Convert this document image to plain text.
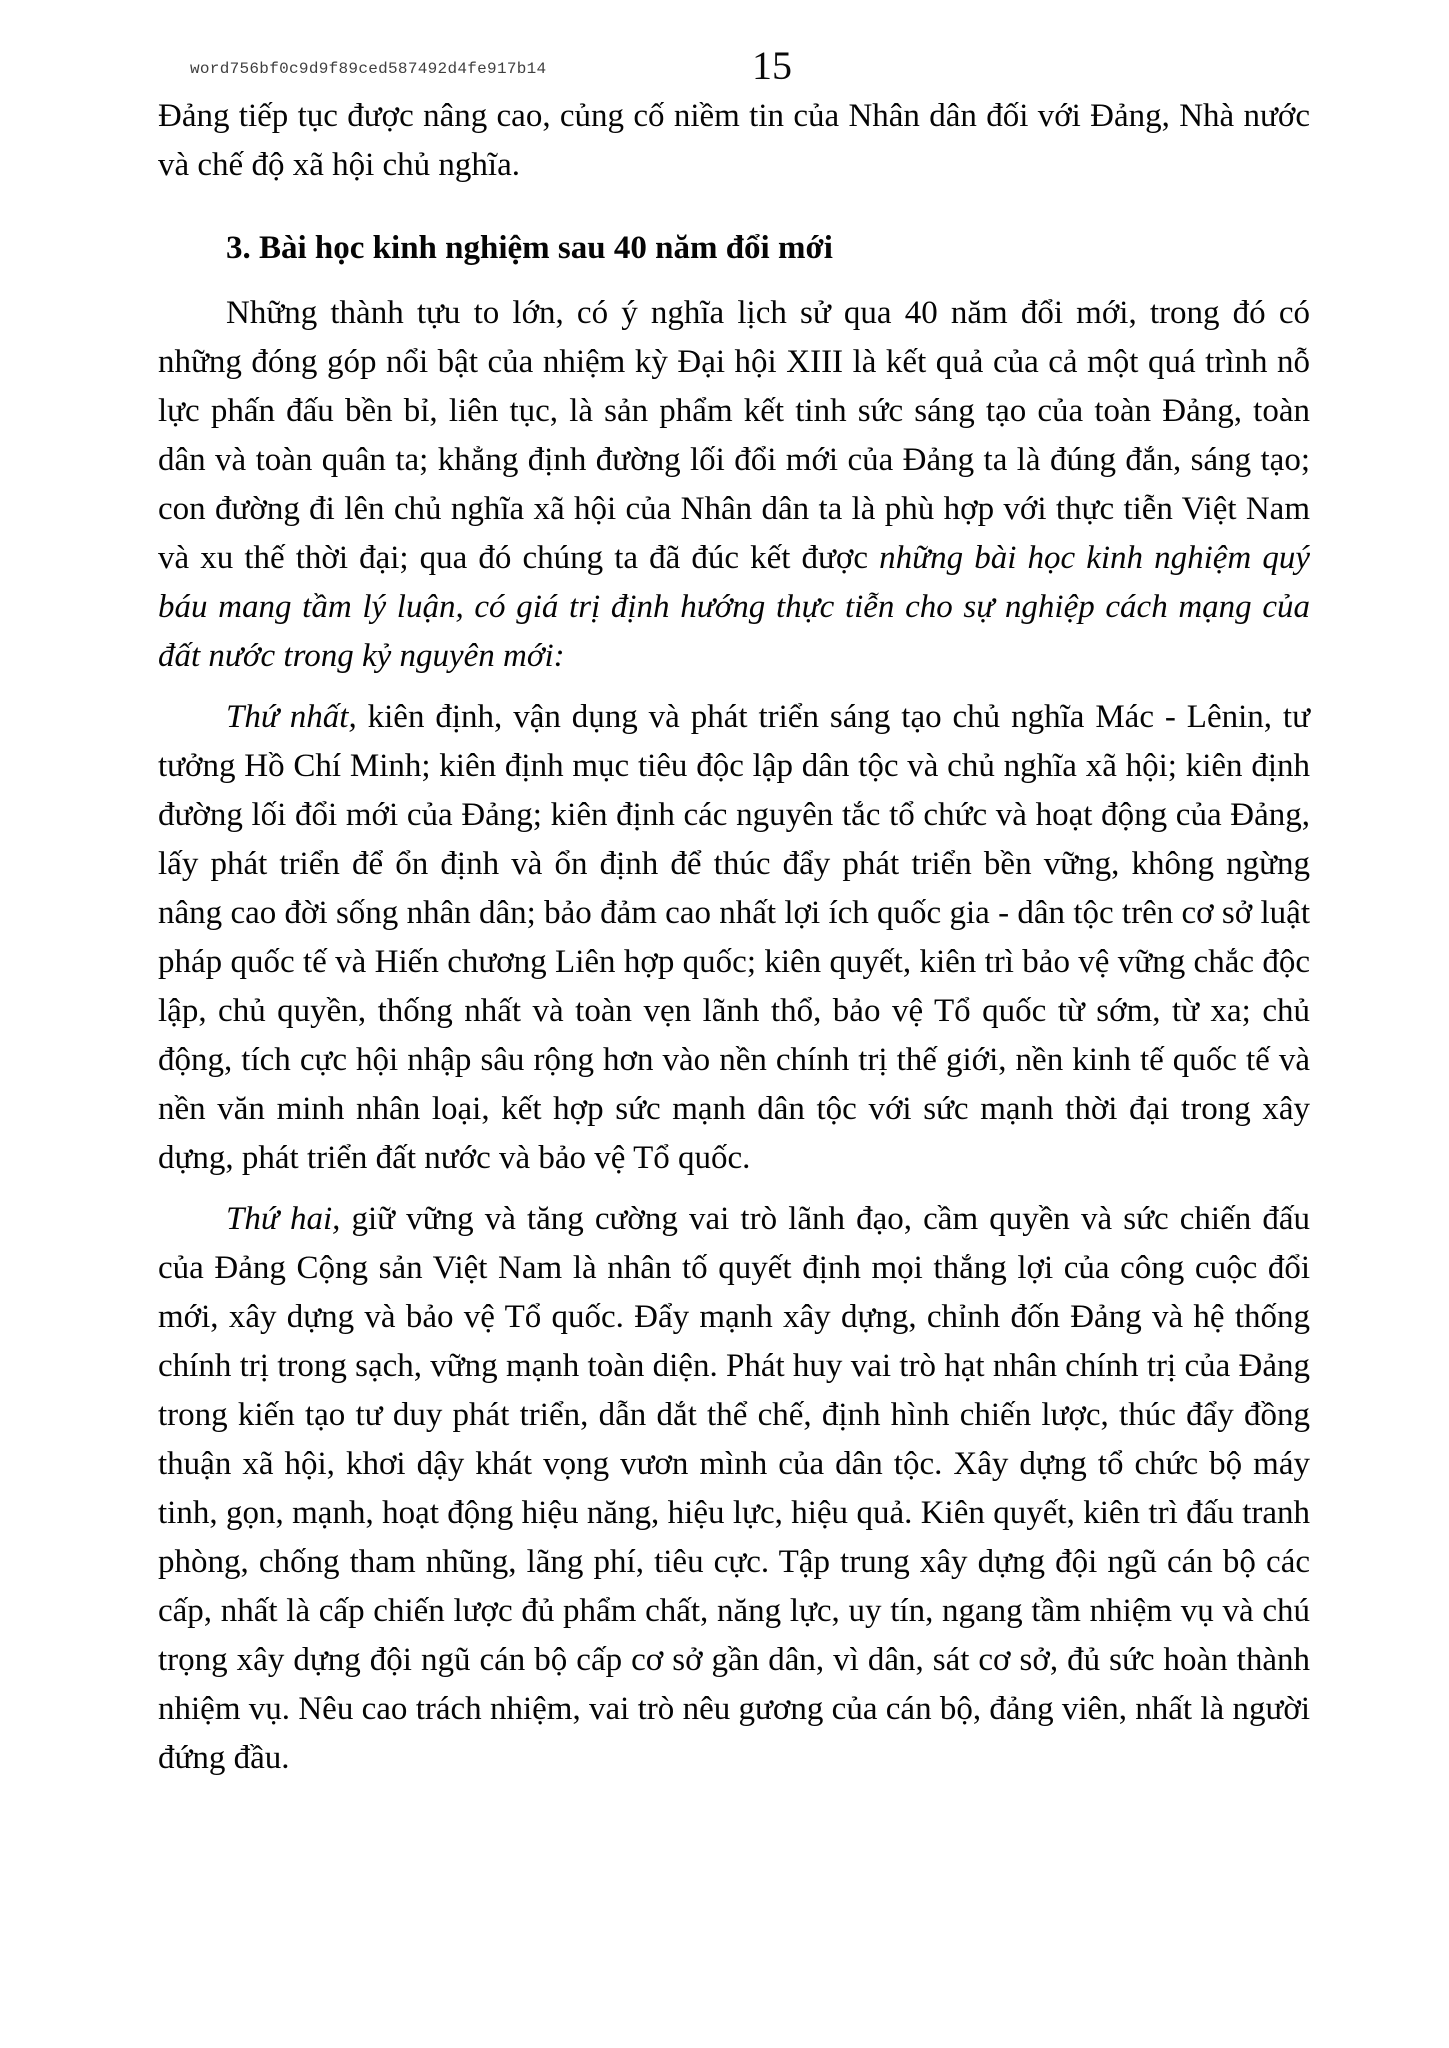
word756bf0c9d9f89ced587492d4fe917b14	15

Đảng tiếp tục được nâng cao, củng cố niềm tin của Nhân dân đối với Đảng, Nhà nước và chế độ xã hội chủ nghĩa.

3. Bài học kinh nghiệm sau 40 năm đổi mới

Những thành tựu to lớn, có ý nghĩa lịch sử qua 40 năm đổi mới, trong đó có những đóng góp nổi bật của nhiệm kỳ Đại hội XIII là kết quả của cả một quá trình nỗ lực phấn đấu bền bỉ, liên tục, là sản phẩm kết tinh sức sáng tạo của toàn Đảng, toàn dân và toàn quân ta; khẳng định đường lối đổi mới của Đảng ta là đúng đắn, sáng tạo; con đường đi lên chủ nghĩa xã hội của Nhân dân ta là phù hợp với thực tiễn Việt Nam và xu thế thời đại; qua đó chúng ta đã đúc kết được những bài học kinh nghiệm quý báu mang tầm lý luận, có giá trị định hướng thực tiễn cho sự nghiệp cách mạng của đất nước trong kỷ nguyên mới:

Thứ nhất, kiên định, vận dụng và phát triển sáng tạo chủ nghĩa Mác - Lênin, tư tưởng Hồ Chí Minh; kiên định mục tiêu độc lập dân tộc và chủ nghĩa xã hội; kiên định đường lối đổi mới của Đảng; kiên định các nguyên tắc tổ chức và hoạt động của Đảng, lấy phát triển để ổn định và ổn định để thúc đẩy phát triển bền vững, không ngừng nâng cao đời sống nhân dân; bảo đảm cao nhất lợi ích quốc gia - dân tộc trên cơ sở luật pháp quốc tế và Hiến chương Liên hợp quốc; kiên quyết, kiên trì bảo vệ vững chắc độc lập, chủ quyền, thống nhất và toàn vẹn lãnh thổ, bảo vệ Tổ quốc từ sớm, từ xa; chủ động, tích cực hội nhập sâu rộng hơn vào nền chính trị thế giới, nền kinh tế quốc tế và nền văn minh nhân loại, kết hợp sức mạnh dân tộc với sức mạnh thời đại trong xây dựng, phát triển đất nước và bảo vệ Tổ quốc.

Thứ hai, giữ vững và tăng cường vai trò lãnh đạo, cầm quyền và sức chiến đấu của Đảng Cộng sản Việt Nam là nhân tố quyết định mọi thắng lợi của công cuộc đổi mới, xây dựng và bảo vệ Tổ quốc. Đẩy mạnh xây dựng, chỉnh đốn Đảng và hệ thống chính trị trong sạch, vững mạnh toàn diện. Phát huy vai trò hạt nhân chính trị của Đảng trong kiến tạo tư duy phát triển, dẫn dắt thể chế, định hình chiến lược, thúc đẩy đồng thuận xã hội, khơi dậy khát vọng vươn mình của dân tộc. Xây dựng tổ chức bộ máy tinh, gọn, mạnh, hoạt động hiệu năng, hiệu lực, hiệu quả. Kiên quyết, kiên trì đấu tranh phòng, chống tham nhũng, lãng phí, tiêu cực. Tập trung xây dựng đội ngũ cán bộ các cấp, nhất là cấp chiến lược đủ phẩm chất, năng lực, uy tín, ngang tầm nhiệm vụ và chú trọng xây dựng đội ngũ cán bộ cấp cơ sở gần dân, vì dân, sát cơ sở, đủ sức hoàn thành nhiệm vụ. Nêu cao trách nhiệm, vai trò nêu gương của cán bộ, đảng viên, nhất là người đứng đầu.
